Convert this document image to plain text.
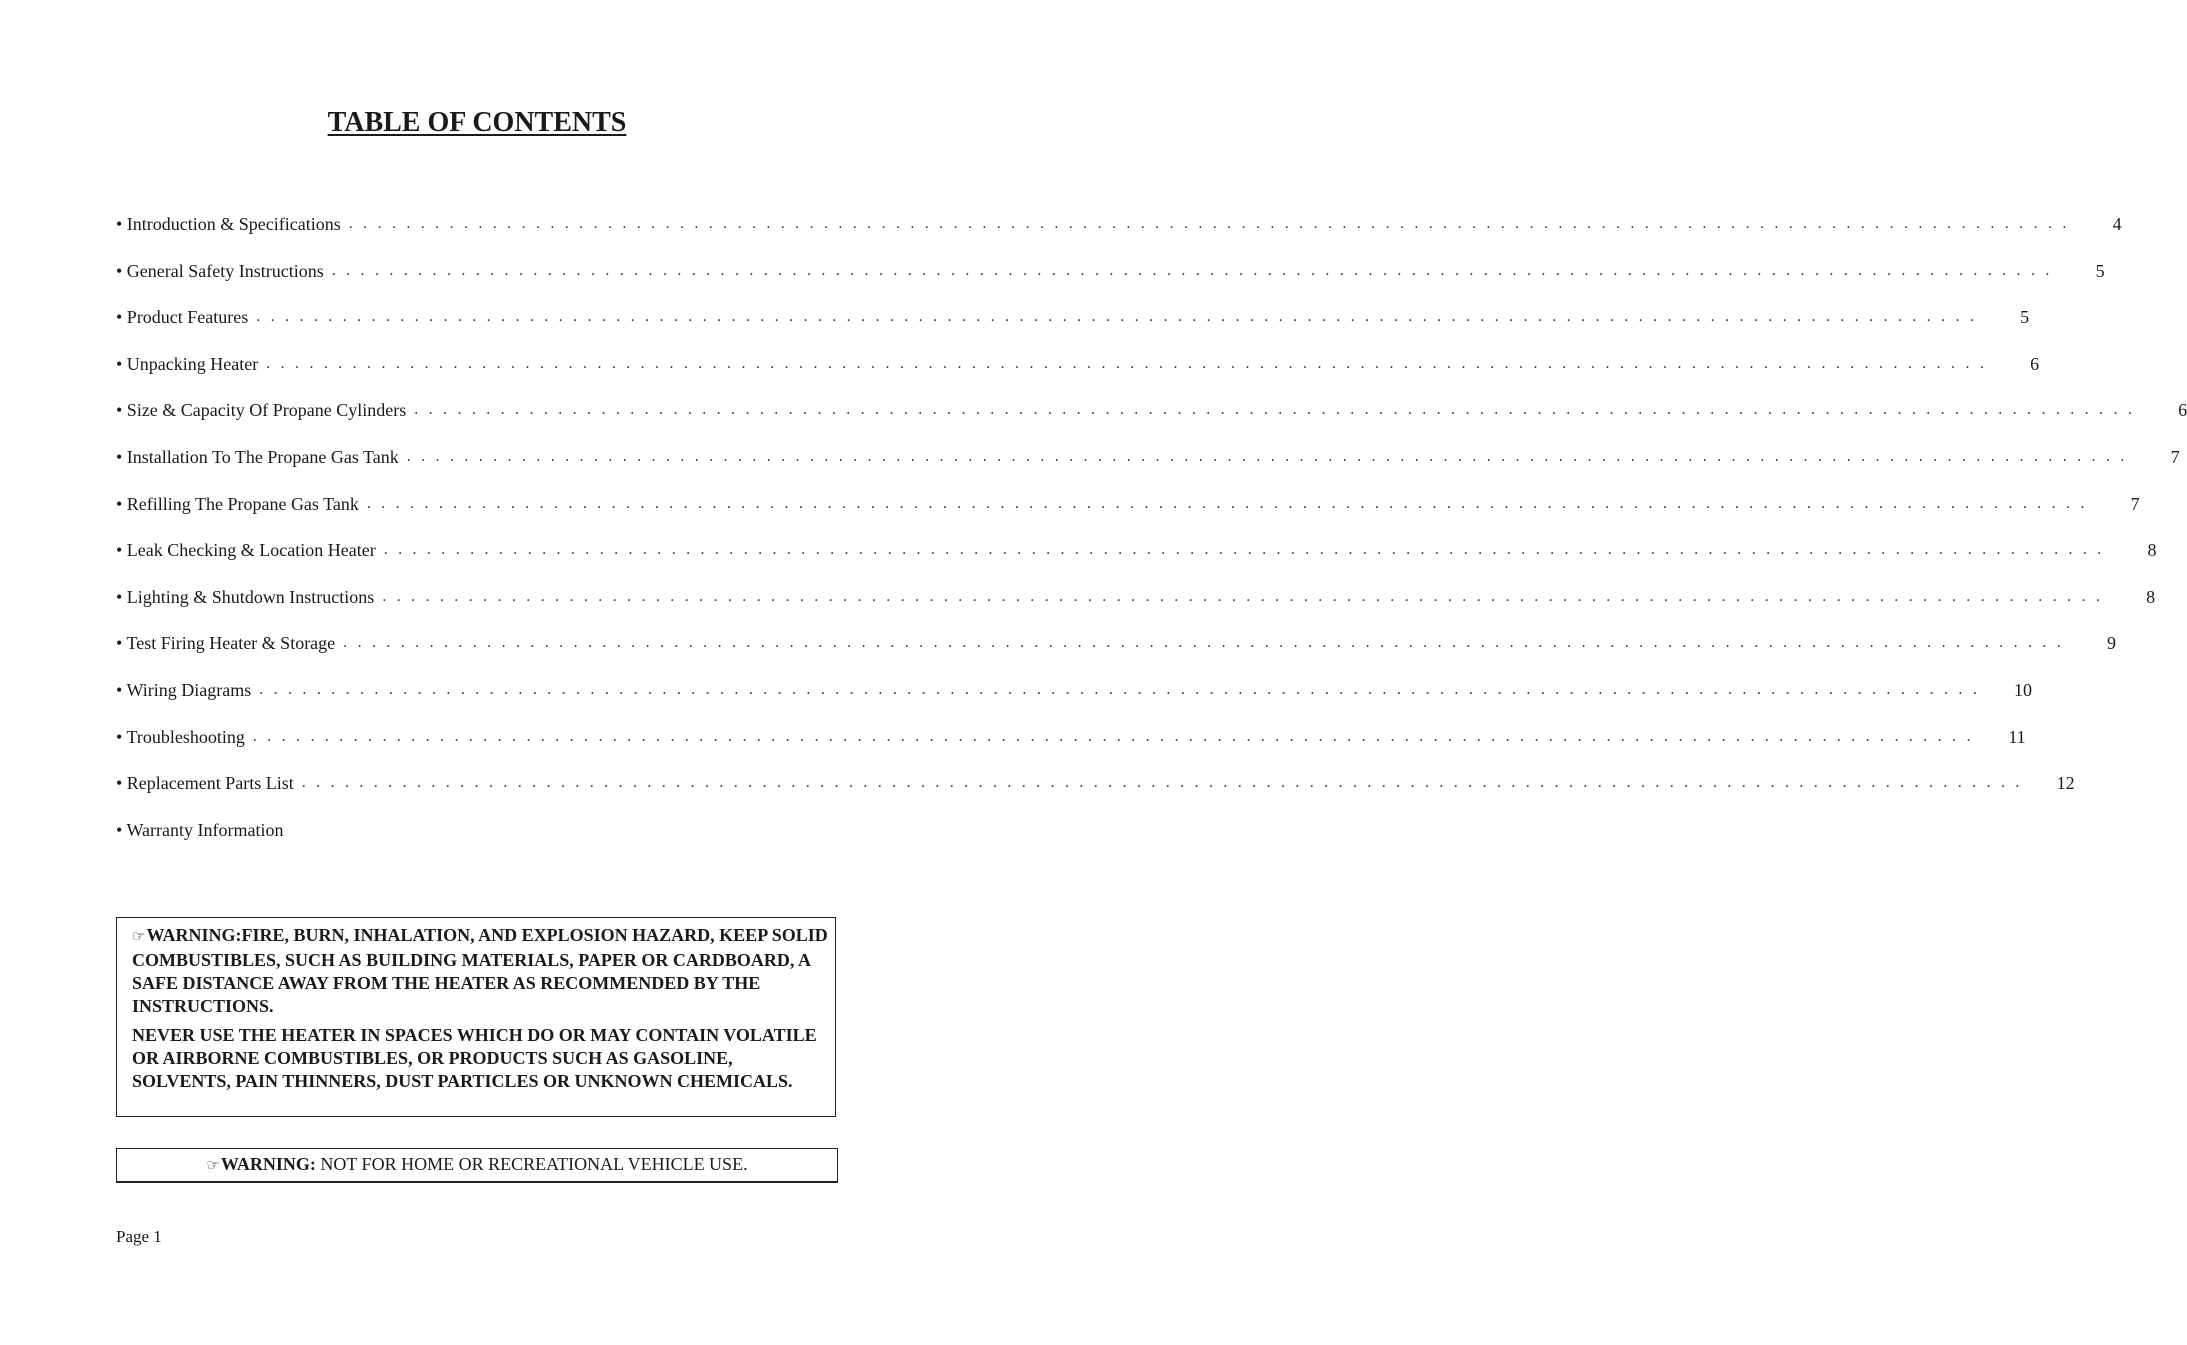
TABLE OF CONTENTS
• Introduction & Specifications . . . . . . . . . . . . . . . . . . . . . . . . . . . . . . . . . . . . . . . . . . . . . . . . . . . . . . . . . . . . . . . . . . . . . . . . . . . . . . . . . . . . . . . . . . . . . . . . . . . . . . . . . . . . . . . . . . . . . . . .	4
• General Safety Instructions . . . . . . . . . . . . . . . . . . . . . . . . . . . . . . . . . . . . . . . . . . . . . . . . . . . . . . . . . . . . . . . . . . . . . . . . . . . . . . . . . . . . . . . . . . . . . . . . . . . . . . . . . . . . . . . . . . . . . . . .	5
• Product Features . . . . . . . . . . . . . . . . . . . . . . . . . . . . . . . . . . . . . . . . . . . . . . . . . . . . . . . . . . . . . . . . . . . . . . . . . . . . . . . . . . . . . . . . . . . . . . . . . . . . . . . . . . . . . . . . . . . . . . . .	5
• Unpacking Heater . . . . . . . . . . . . . . . . . . . . . . . . . . . . . . . . . . . . . . . . . . . . . . . . . . . . . . . . . . . . . . . . . . . . . . . . . . . . . . . . . . . . . . . . . . . . . . . . . . . . . . . . . . . . . . . . . . . . . . . .	6
• Size & Capacity Of Propane Cylinders . . . . . . . . . . . . . . . . . . . . . . . . . . . . . . . . . . . . . . . . . . . . . . . . . . . . . . . . . . . . . . . . . . . . . . . . . . . . . . . . . . . . . . . . . . . . . . . . . . . . . . . . . . . . . . . . . . . . . . . .	6
• Installation To The Propane Gas Tank . . . . . . . . . . . . . . . . . . . . . . . . . . . . . . . . . . . . . . . . . . . . . . . . . . . . . . . . . . . . . . . . . . . . . . . . . . . . . . . . . . . . . . . . . . . . . . . . . . . . . . . . . . . . . . . . . . . . . . . .	7
• Refilling The Propane Gas Tank . . . . . . . . . . . . . . . . . . . . . . . . . . . . . . . . . . . . . . . . . . . . . . . . . . . . . . . . . . . . . . . . . . . . . . . . . . . . . . . . . . . . . . . . . . . . . . . . . . . . . . . . . . . . . . . . . . . . . . . .	7
• Leak Checking & Location Heater . . . . . . . . . . . . . . . . . . . . . . . . . . . . . . . . . . . . . . . . . . . . . . . . . . . . . . . . . . . . . . . . . . . . . . . . . . . . . . . . . . . . . . . . . . . . . . . . . . . . . . . . . . . . . . . . . . . . . . . .	8
• Lighting & Shutdown Instructions . . . . . . . . . . . . . . . . . . . . . . . . . . . . . . . . . . . . . . . . . . . . . . . . . . . . . . . . . . . . . . . . . . . . . . . . . . . . . . . . . . . . . . . . . . . . . . . . . . . . . . . . . . . . . . . . . . . . . . . .	8
• Test Firing Heater & Storage . . . . . . . . . . . . . . . . . . . . . . . . . . . . . . . . . . . . . . . . . . . . . . . . . . . . . . . . . . . . . . . . . . . . . . . . . . . . . . . . . . . . . . . . . . . . . . . . . . . . . . . . . . . . . . . . . . . . . . . .	9
• Wiring Diagrams . . . . . . . . . . . . . . . . . . . . . . . . . . . . . . . . . . . . . . . . . . . . . . . . . . . . . . . . . . . . . . . . . . . . . . . . . . . . . . . . . . . . . . . . . . . . . . . . . . . . . . . . . . . . . . . . . . . . . . . . 10
• Troubleshooting . . . . . . . . . . . . . . . . . . . . . . . . . . . . . . . . . . . . . . . . . . . . . . . . . . . . . . . . . . . . . . . . . . . . . . . . . . . . . . . . . . . . . . . . . . . . . . . . . . . . . . . . . . . . . . . . . . . . . . . . 11
• Replacement Parts List . . . . . . . . . . . . . . . . . . . . . . . . . . . . . . . . . . . . . . . . . . . . . . . . . . . . . . . . . . . . . . . . . . . . . . . . . . . . . . . . . . . . . . . . . . . . . . . . . . . . . . . . . . . . . . . . . . . . . . . . 12
• Warranty Information

☞WARNING:FIRE, BURN, INHALATION, AND EXPLOSION HAZARD, KEEP SOLID COMBUSTIBLES, SUCH AS BUILDING MATERIALS, PAPER OR CARDBOARD, A SAFE DISTANCE AWAY FROM THE HEATER AS RECOMMENDED BY THE INSTRUCTIONS.

NEVER USE THE HEATER IN SPACES WHICH DO OR MAY CONTAIN VOLATILE OR AIRBORNE COMBUSTIBLES, OR PRODUCTS SUCH AS GASOLINE, SOLVENTS, PAIN THINNERS, DUST PARTICLES OR UNKNOWN CHEMICALS.

☞WARNING: NOT FOR HOME OR RECREATIONAL VEHICLE USE.
Page 1
